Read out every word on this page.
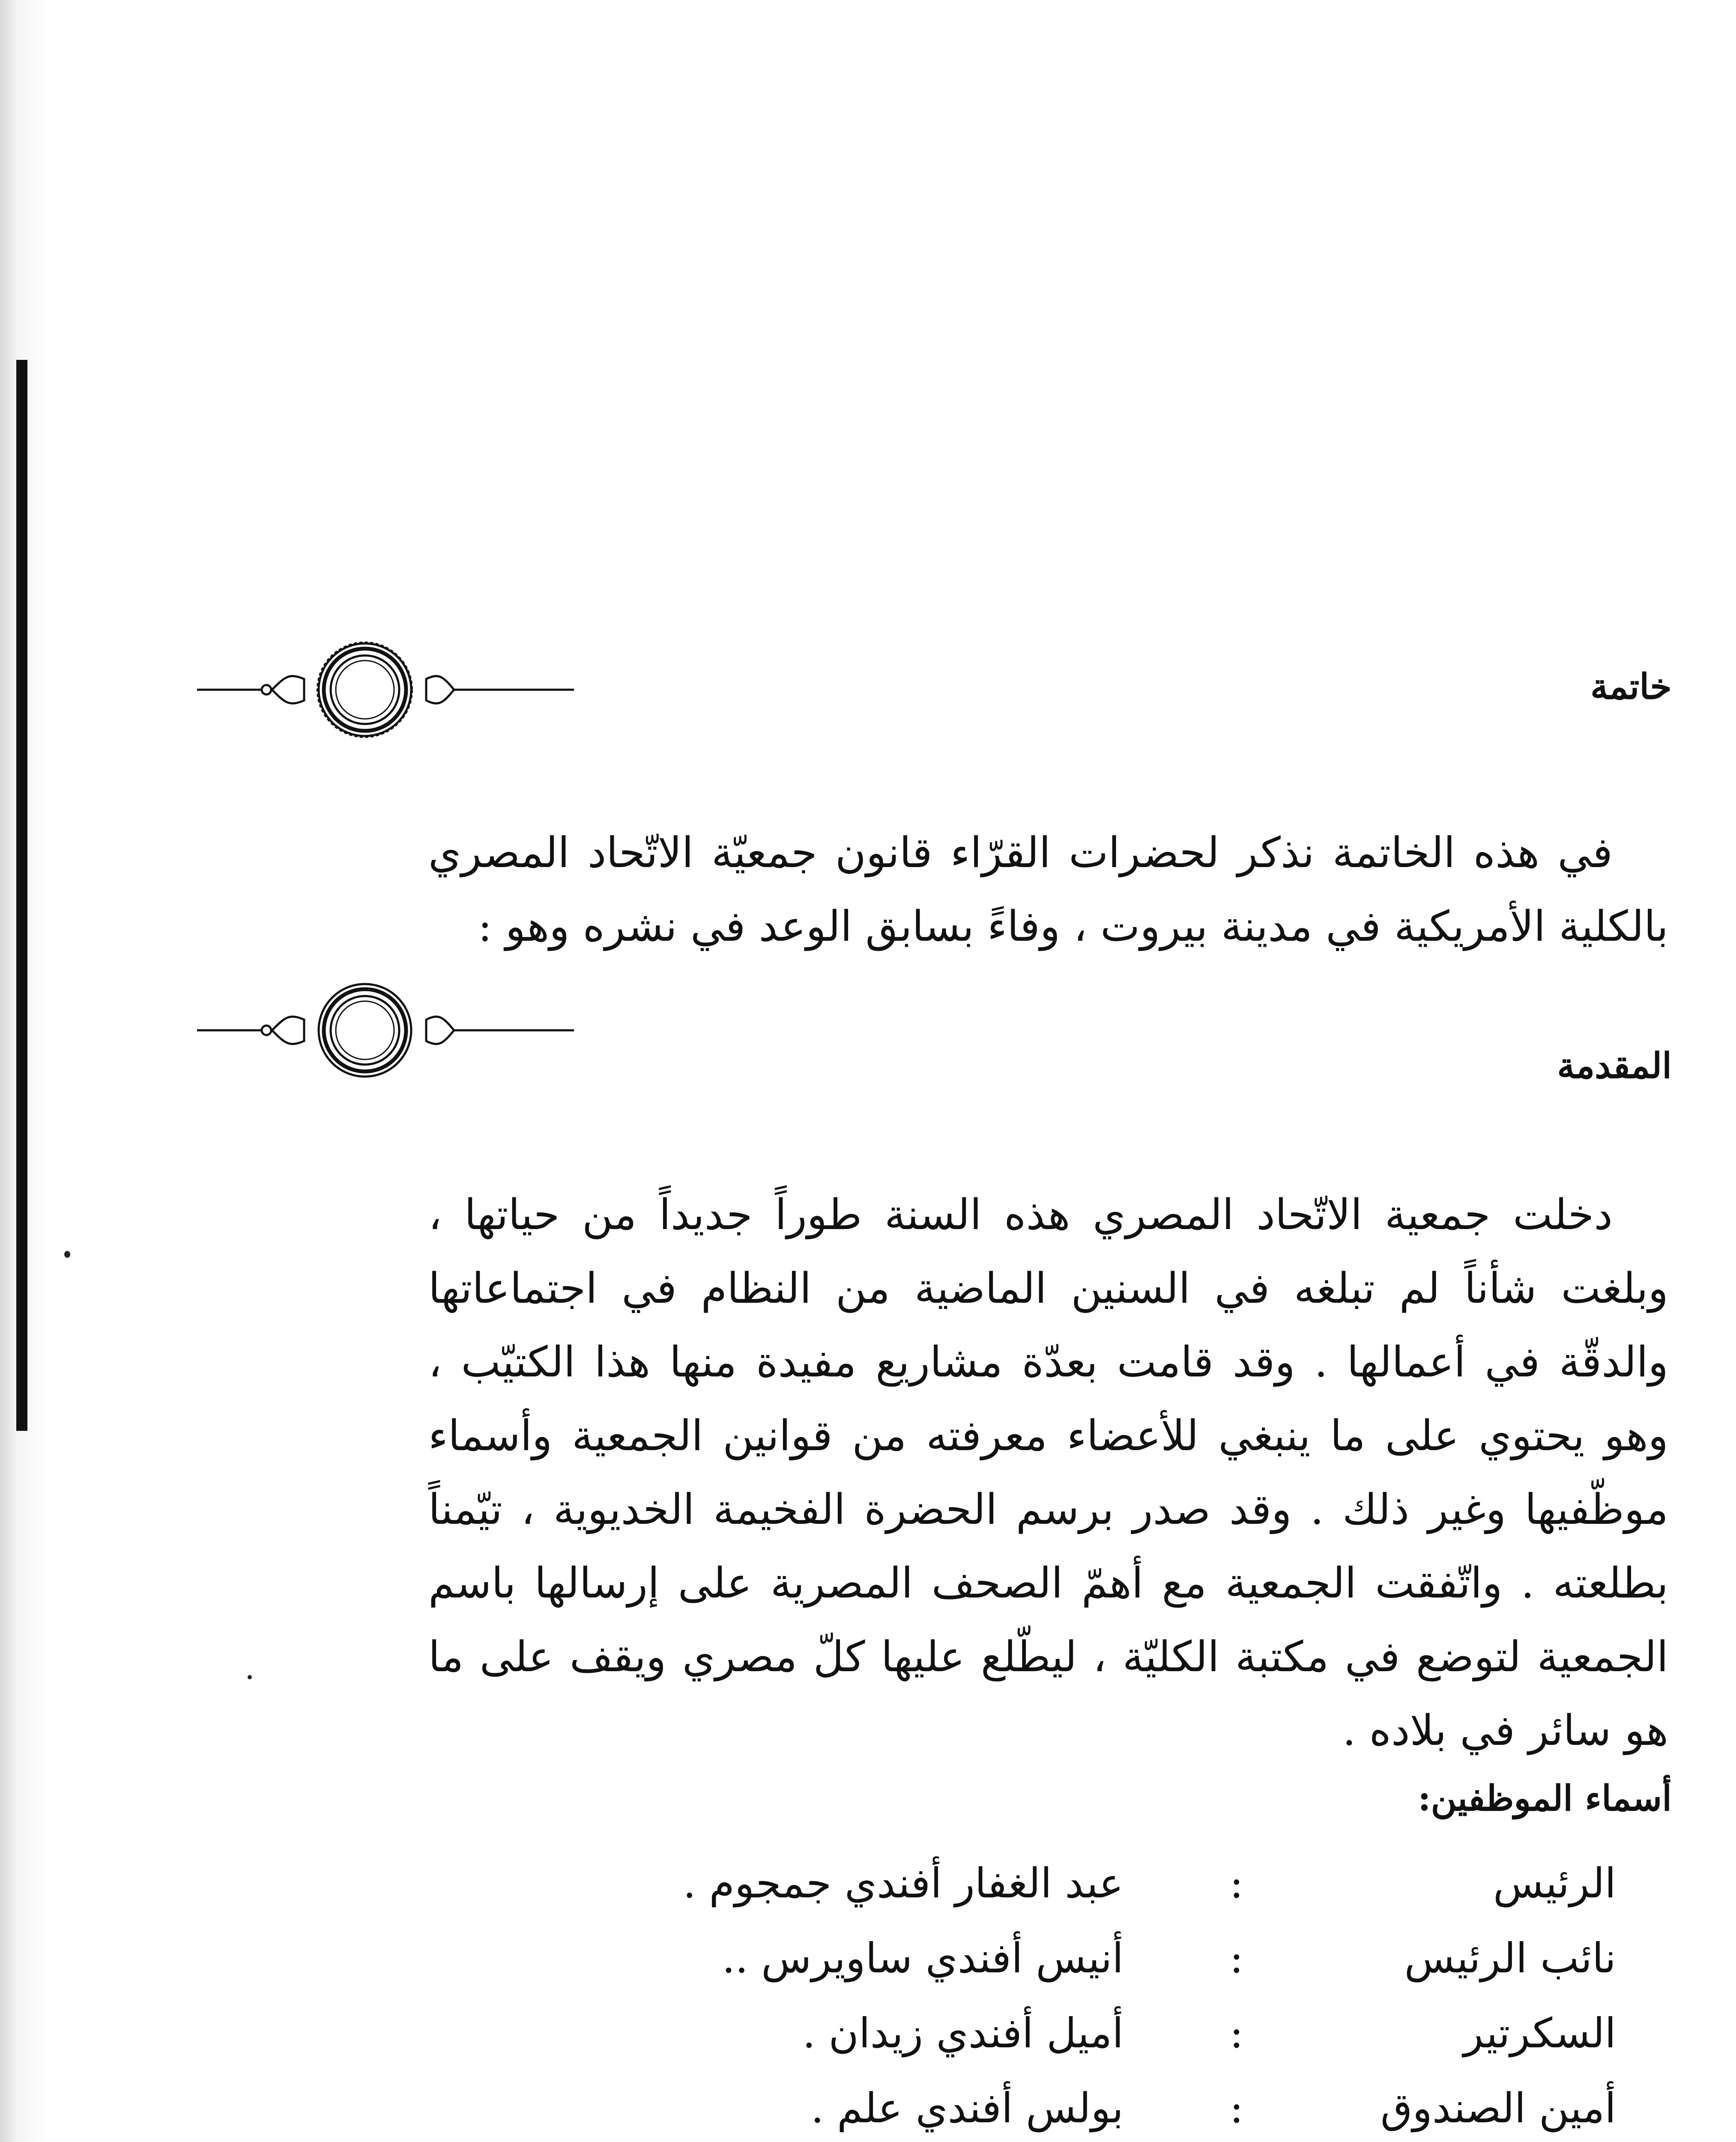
خاتمة

في هذه الخاتمة نذكر لحضرات القرّاء قانون جمعيّة الاتّحاد المصري بالكلية الأمريكية في مدينة بيروت ، وفاءً بسابق الوعد في نشره وهو :

المقدمة

دخلت جمعية الاتّحاد المصري هذه السنة طوراً جديداً من حياتها ، وبلغت شأناً لم تبلغه في السنين الماضية من النظام في اجتماعاتها والدقّة في أعمالها . وقد قامت بعدّة مشاريع مفيدة منها هذا الكتيّب ، وهو يحتوي على ما ينبغي للأعضاء معرفته من قوانين الجمعية وأسماء موظّفيها وغير ذلك . وقد صدر برسم الحضرة الفخيمة الخديوية ، تيّمناً بطلعته . واتّفقت الجمعية مع أهمّ الصحف المصرية على إرسالها باسم الجمعية لتوضع في مكتبة الكليّة ، ليطّلع عليها كلّ مصري ويقف على ما هو سائر في بلاده .

أسماء الموظفين:
الرئيس
:
عبد الغفار أفندي جمجوم .
نائب الرئيس
:
أنيس أفندي ساويرس ..
السكرتير
:
أميل أفندي زيدان .
أمين الصندوق
:
بولس أفندي علم .
